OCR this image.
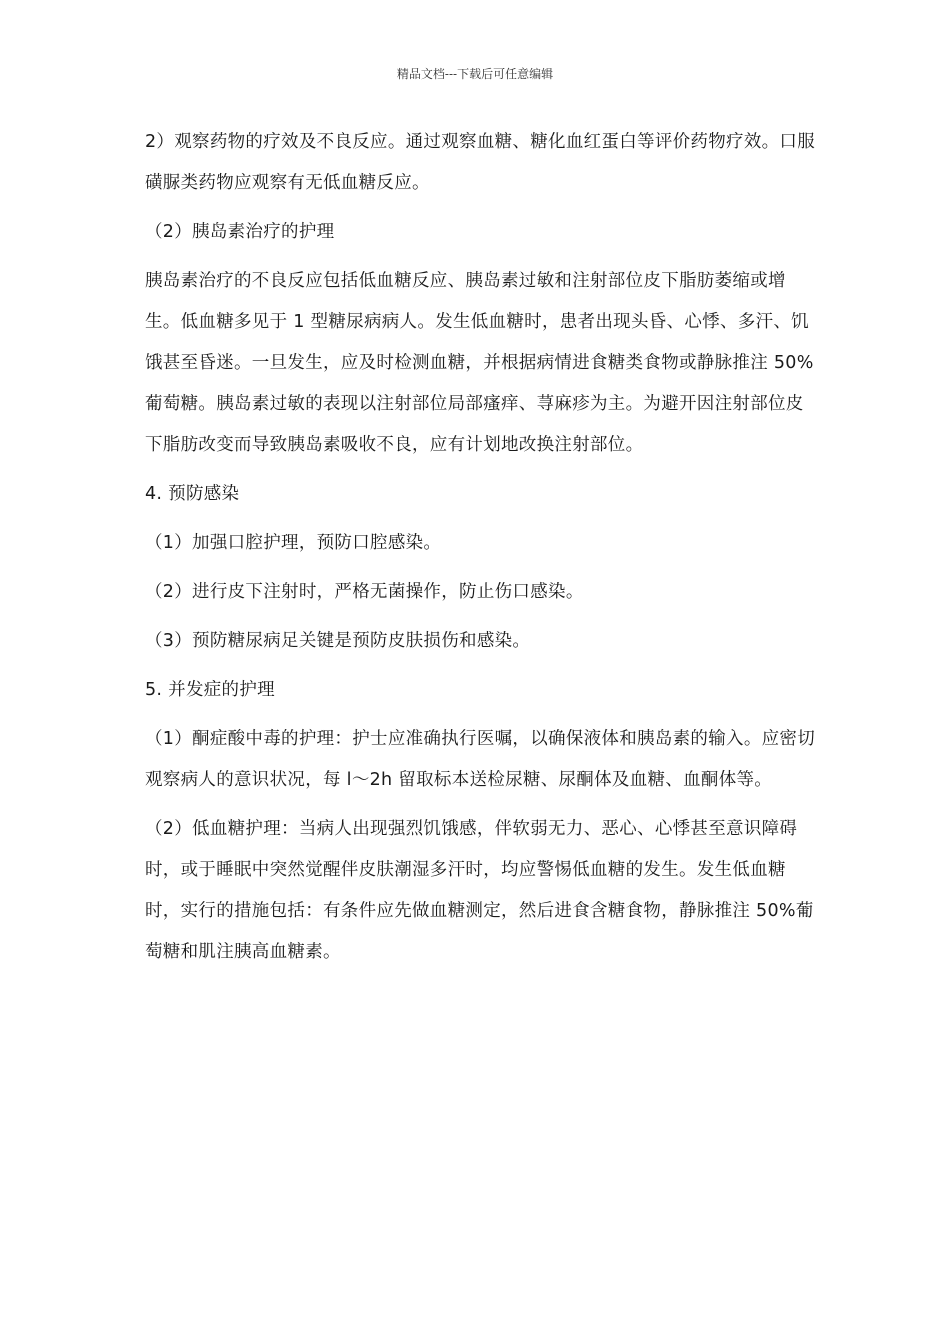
精品文档---下载后可任意编辑

2）观察药物的疗效及不良反应。通过观察血糖、糖化血红蛋白等评价药物疗效。口服磺脲类药物应观察有无低血糖反应。

（2）胰岛素治疗的护理

胰岛素治疗的不良反应包括低血糖反应、胰岛素过敏和注射部位皮下脂肪萎缩或增生。低血糖多见于 1 型糖尿病病人。发生低血糖时，患者出现头昏、心悸、多汗、饥饿甚至昏迷。一旦发生，应及时检测血糖，并根据病情进食糖类食物或静脉推注 50%葡萄糖。胰岛素过敏的表现以注射部位局部瘙痒、荨麻疹为主。为避开因注射部位皮下脂肪改变而导致胰岛素吸收不良，应有计划地改换注射部位。

4. 预防感染

（1）加强口腔护理，预防口腔感染。

（2）进行皮下注射时，严格无菌操作，防止伤口感染。

（3）预防糖尿病足关键是预防皮肤损伤和感染。

5. 并发症的护理

（1）酮症酸中毒的护理：护士应准确执行医嘱，以确保液体和胰岛素的输入。应密切观察病人的意识状况，每 l～2h 留取标本送检尿糖、尿酮体及血糖、血酮体等。

（2）低血糖护理：当病人出现强烈饥饿感，伴软弱无力、恶心、心悸甚至意识障碍时，或于睡眠中突然觉醒伴皮肤潮湿多汗时，均应警惕低血糖的发生。发生低血糖时，实行的措施包括：有条件应先做血糖测定，然后进食含糖食物，静脉推注 50%葡萄糖和肌注胰高血糖素。
